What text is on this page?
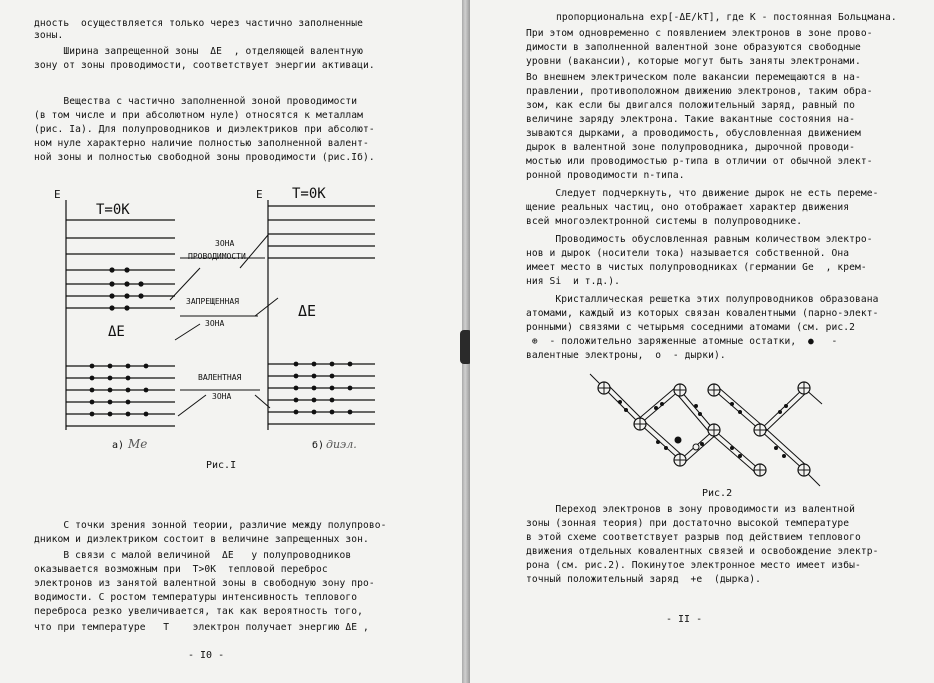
дность  осуществляется только через частично заполненные
зоны.
Ширина запрещенной зоны  ΔE  , отделяющей валентную
зону от зоны проводимости, соответствует энергии активаци.
Вещества с частично заполненной зоной проводимости
(в том числе и при абсолютном нуле) относятся к металлам
(рис. Iа). Для полупроводников и диэлектриков при абсолют-
ном нуле характерно наличие полностью заполненной валент-
ной зоны и полностью свободной зоны проводимости (рис.Iб).
E	E
T=0K
T=0K
ΔE
ΔE
ЗОНА
ПРОВОДИМОСТИ
ЗАПРЕЩЕННАЯ
ЗОНА
ВАЛЕНТНАЯ
ЗОНА
а) Мe	б) диэл.
Рис.I
С точки зрения зонной теории, различие между полупрово-
дником и диэлектриком состоит в величине запрещенных зон.
В связи с малой величиной  ΔE   у полупроводников
оказывается возможным при  T>0K  тепловой переброс
электронов из занятой валентной зоны в свободную зону про-
водимости. С ростом температуры интенсивность теплового
переброса резко увеличивается, так как вероятность того,
что при температуре   T    электрон получает энергию ΔE ,
- I0 -
пропорциональна exp[-ΔE/kT], где K - постоянная Больцмана.
При этом одновременно с появлением электронов в зоне прово-
димости в заполненной валентной зоне образуются свободные
уровни (вакансии), которые могут быть заняты электронами.
Во внешнем электрическом поле вакансии перемещаются в на-
правлении, противоположном движению электронов, таким обра-
зом, как если бы двигался положительный заряд, равный по
величине заряду электрона. Такие вакантные состояния на-
зываются дырками, а проводимость, обусловленная движением
дырок в валентной зоне полупроводника, дырочной проводи-
мостью или проводимостью р-типа в отличии от обычной элект-
ронной проводимости n-типа.
Следует подчеркнуть, что движение дырок не есть переме-
щение реальных частиц, оно отображает характер движения
всей многоэлектронной системы в полупроводнике.
Проводимость обусловленная равным количеством электро-
нов и дырок (носители тока) называется собственной. Она
имеет место в чистых полупроводниках (германии Ge  , крем-
ния Si  и т.д.).
Кристаллическая решетка этих полупроводников образована
атомами, каждый из которых связан ковалентными (парно-элект-
ронными) связями с четырьмя соседними атомами (см. рис.2
⊕  - положительно заряженные атомные остатки,  ●   -
валентные электроны,  о  - дырки).
Рис.2
Переход электронов в зону проводимости из валентной
зоны (зонная теория) при достаточно высокой температуре
в этой схеме соответствует разрыв под действием теплового
движения отдельных ковалентных связей и освобождение электр-
рона (см. рис.2). Покинутое электронное место имеет избы-
точный положительный заряд  +e  (дырка).
- II -
